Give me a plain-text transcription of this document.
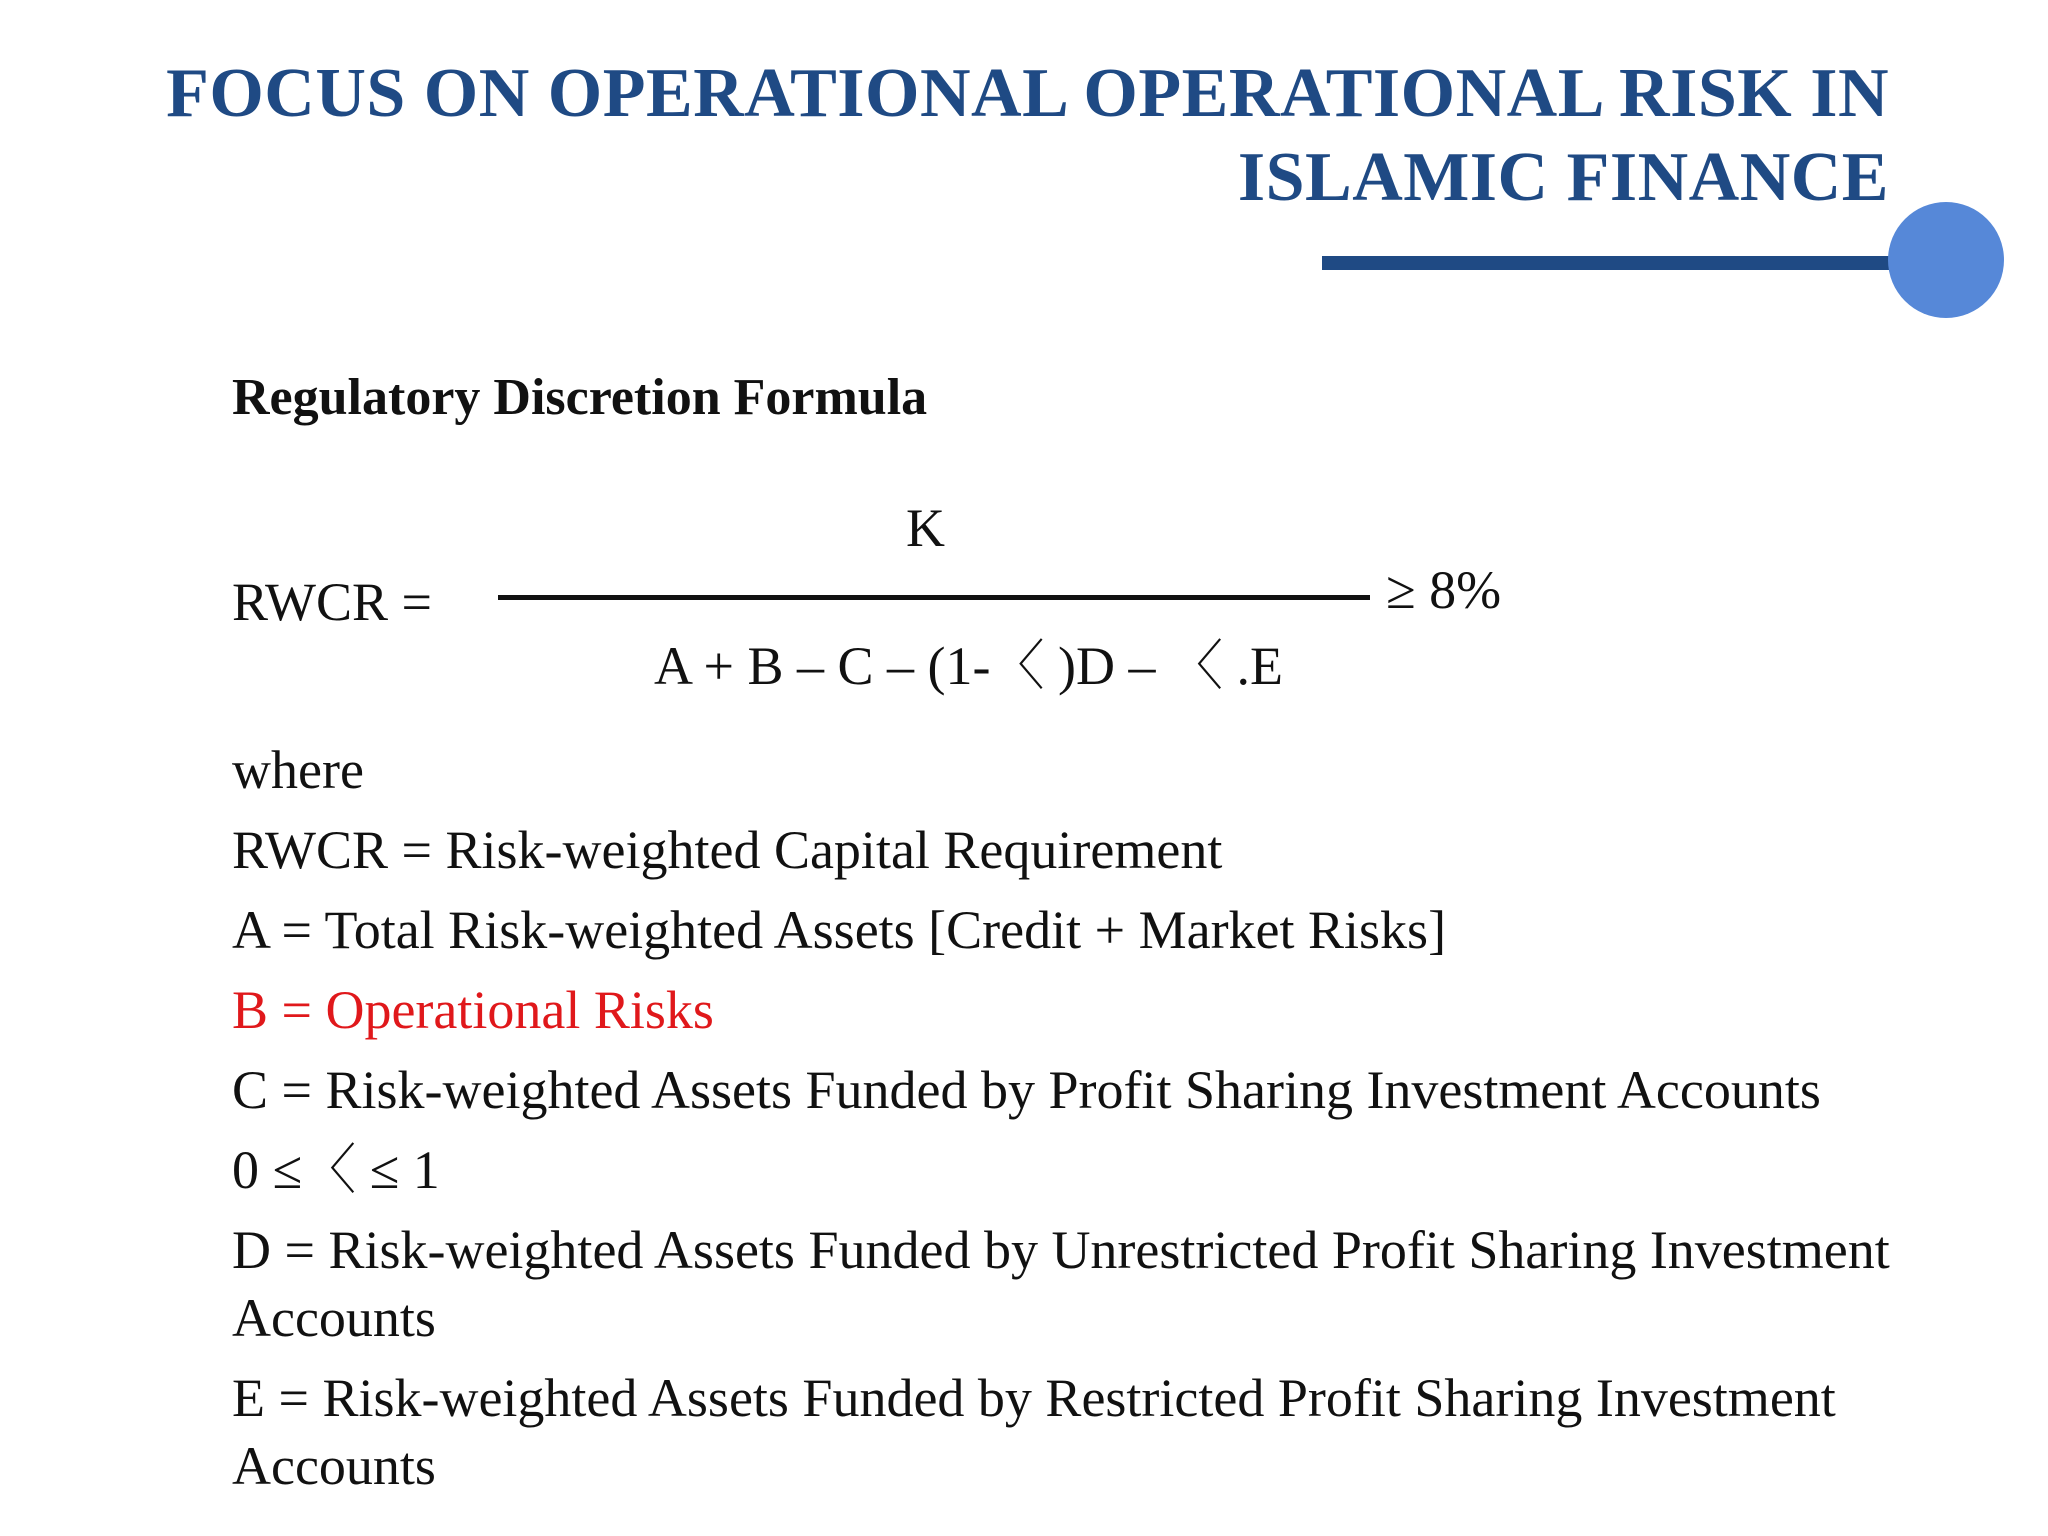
FOCUS ON OPERATIONAL OPERATIONAL RISK IN
ISLAMIC FINANCE
Regulatory Discretion Formula
RWCR =
K
A + B – C – (1-〈 )D – 〈 .E
≥ 8%
where
RWCR = Risk-weighted Capital Requirement
A = Total Risk-weighted Assets [Credit + Market Risks]
B = Operational Risks
C = Risk-weighted Assets Funded by Profit Sharing Investment Accounts
0 ≤〈 ≤ 1
D = Risk-weighted Assets Funded by Unrestricted Profit Sharing Investment Accounts
E = Risk-weighted Assets Funded by Restricted Profit Sharing Investment Accounts
